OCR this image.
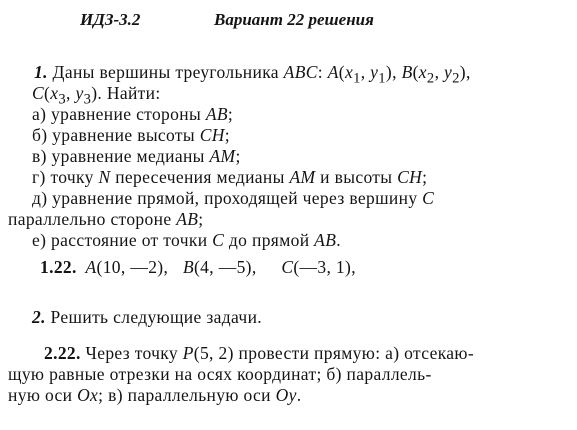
ИДЗ-3.2	Вариант 22 решения
1. Даны вершины треугольника ABC: $A(x_1$, $y_1$), $B(x_2$, $y_2$),
$C(x_3$, $y_3$). Найти:
а) уравнение стороны AB;
б) уравнение высоты CH;
в) уравнение медианы AM;
г) точку N пересечения медианы AM и высоты CH;
д) уравнение прямой, проходящей через вершину C
параллельно стороне AB;
е) расстояние от точки C до прямой AB.
1.22. A(10, —2), B(4, —5), C(—3, 1),
2. Решить следующие задачи.
2.22. Через точку P(5, 2) провести прямую: а) отсекаю-
щую равные отрезки на осях координат; б) параллель-
ную оси Ox; в) параллельную оси Oy.
